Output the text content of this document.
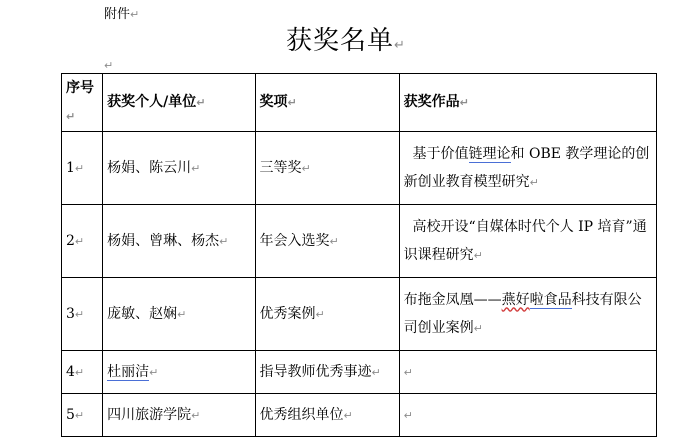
附件↵
获奖名单↵
↵
序号↵	获奖个人/单位↵	奖项↵	获奖作品↵
1↵	杨娟、陈云川↵	三等奖↵	基于价值链理论和 OBE 教学理论的创新创业教育模型研究↵
2↵	杨娟、曾琳、杨杰↵	年会入选奖↵	高校开设“自媒体时代个人 IP 培育”通识课程研究↵
3↵	庞敏、赵娴↵	优秀案例↵	布拖金凤凰——燕好啦食品科技有限公司创业案例↵
4↵	杜丽洁↵	指导教师优秀事迹↵	↵
5↵	四川旅游学院↵	优秀组织单位↵	↵
